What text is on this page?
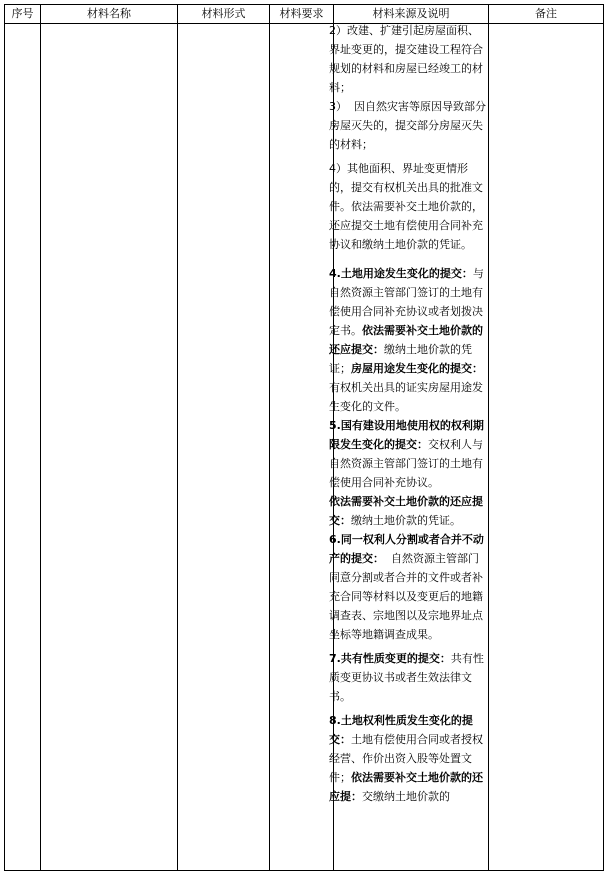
序号	材料名称	材料形式	材料要求	材料来源及说明	备注

2）改建、扩建引起房屋面积、界址变更的，提交建设工程符合规划的材料和房屋已经竣工的材料；

3）  因自然灾害等原因导致部分房屋灭失的，提交部分房屋灭失的材料；

4）其他面积、界址变更情形的，提交有权机关出具的批准文件。依法需要补交土地价款的，还应提交土地有偿使用合同补充协议和缴纳土地价款的凭证。

4.土地用途发生变化的提交：与自然资源主管部门签订的土地有偿使用合同补充协议或者划拨决定书。依法需要补交土地价款的还应提交：缴纳土地价款的凭证；房屋用途发生变化的提交：有权机关出具的证实房屋用途发生变化的文件。

5.国有建设用地使用权的权利期限发生变化的提交：交权利人与自然资源主管部门签订的土地有偿使用合同补充协议。

依法需要补交土地价款的还应提交：缴纳土地价款的凭证。

6.同一权利人分割或者合并不动产的提交：  自然资源主管部门同意分割或者合并的文件或者补充合同等材料以及变更后的地籍调查表、宗地图以及宗地界址点坐标等地籍调查成果。

7.共有性质变更的提交：共有性质变更协议书或者生效法律文书。

8.土地权利性质发生变化的提交：土地有偿使用合同或者授权经营、作价出资入股等处置文件；依法需要补交土地价款的还应提：交缴纳土地价款的
